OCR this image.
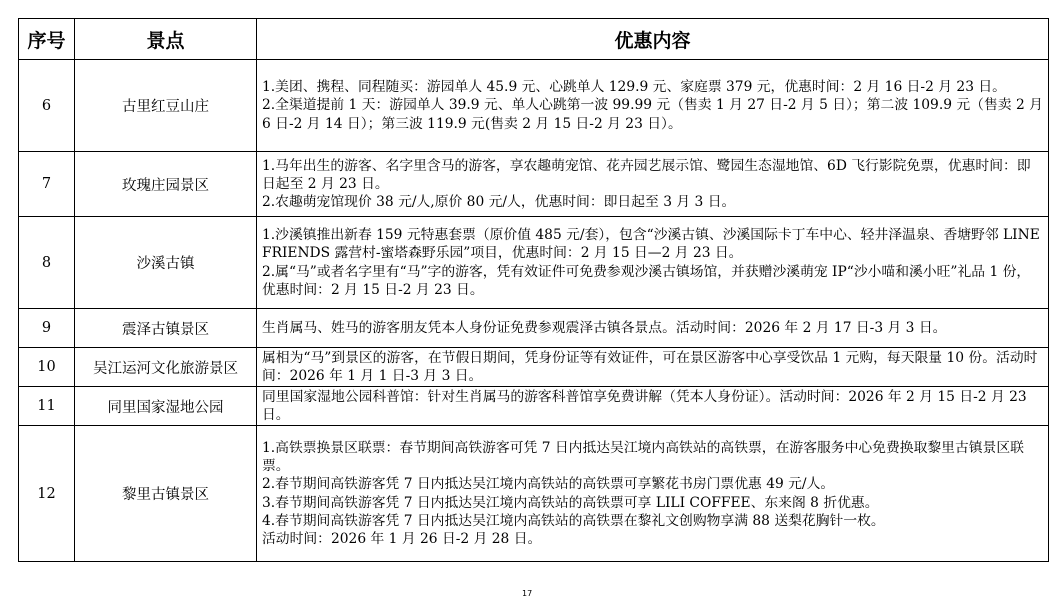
序号	景点	优惠内容
6	古里红豆山庄	1.美团、携程、同程随买：游园单人 45.9 元、心跳单人 129.9 元、家庭票 379 元，优惠时间：2 月 16 日-2 月 23 日。

2.全渠道提前 1 天：游园单人 39.9 元、单人心跳第一波 99.99 元（售卖 1 月 27 日-2 月 5 日）；第二波 109.9 元（售卖 2 月 6 日-2 月 14 日）；第三波 119.9 元(售卖 2 月 15 日-2 月 23 日）。

7	玫瑰庄园景区	1.马年出生的游客、名字里含马的游客，享农趣萌宠馆、花卉园艺展示馆、鹭园生态湿地馆、6D 飞行影院免票，优惠时间：即日起至 2 月 23 日。

2.农趣萌宠馆现价 38 元/人,原价 80 元/人，优惠时间：即日起至 3 月 3 日。

8	沙溪古镇	1.沙溪镇推出新春 159 元特惠套票（原价值 485 元/套），包含“沙溪古镇、沙溪国际卡丁车中心、轻井泽温泉、香塘野邻 LINE FRIENDS 露营村-蜜塔森野乐园”项目，优惠时间：2 月 15 日—2 月 23 日。

2.属“马”或者名字里有“马”字的游客，凭有效证件可免费参观沙溪古镇场馆，并获赠沙溪萌宠 IP“沙小喵和溪小旺”礼品 1 份，优惠时间：2 月 15 日-2 月 23 日。

9	震泽古镇景区	生肖属马、姓马的游客朋友凭本人身份证免费参观震泽古镇各景点。活动时间：2026 年 2 月 17 日-3 月 3 日。

10	吴江运河文化旅游景区	属相为“马”到景区的游客，在节假日期间，凭身份证等有效证件，可在景区游客中心享受饮品 1 元购，每天限量 10 份。活动时间：2026 年 1 月 1 日-3 月 3 日。

11	同里国家湿地公园	同里国家湿地公园科普馆：针对生肖属马的游客科普馆享免费讲解（凭本人身份证）。活动时间：2026 年 2 月 15 日-2 月 23 日。

12	黎里古镇景区	1.高铁票换景区联票：春节期间高铁游客可凭 7 日内抵达吴江境内高铁站的高铁票，在游客服务中心免费换取黎里古镇景区联票。

2.春节期间高铁游客凭 7 日内抵达吴江境内高铁站的高铁票可享繁花书房门票优惠 49 元/人。

3.春节期间高铁游客凭 7 日内抵达吴江境内高铁站的高铁票可享 LILI COFFEE、东来阁 8 折优惠。

4.春节期间高铁游客凭 7 日内抵达吴江境内高铁站的高铁票在黎礼文创购物享满 88 送梨花胸针一枚。

活动时间：2026 年 1 月 26 日-2 月 28 日。

17
